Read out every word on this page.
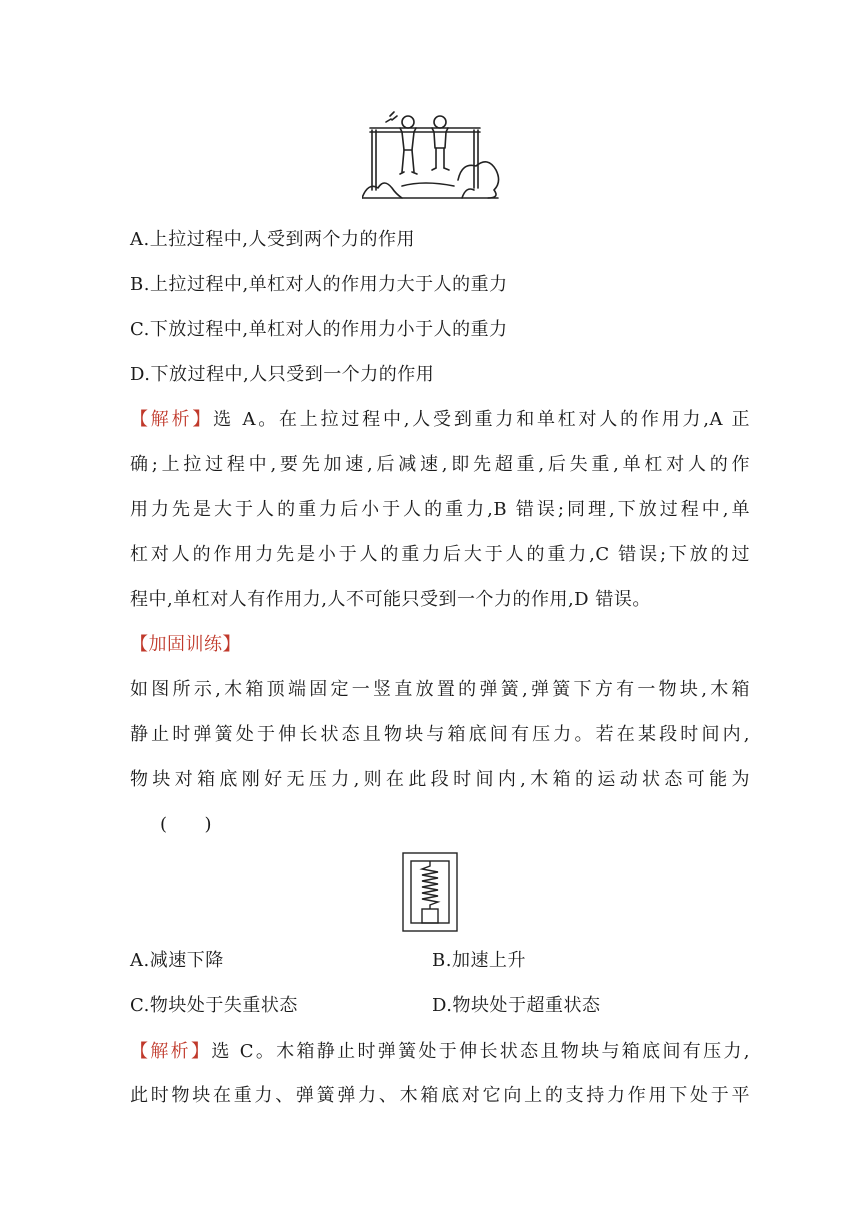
A.上拉过程中,人受到两个力的作用
B.上拉过程中,单杠对人的作用力大于人的重力
C.下放过程中,单杠对人的作用力小于人的重力
D.下放过程中,人只受到一个力的作用
【解析】选 A。在上拉过程中,人受到重力和单杠对人的作用力,A 正
确;上拉过程中,要先加速,后减速,即先超重,后失重,单杠对人的作
用力先是大于人的重力后小于人的重力,B 错误;同理,下放过程中,单
杠对人的作用力先是小于人的重力后大于人的重力,C 错误;下放的过
程中,单杠对人有作用力,人不可能只受到一个力的作用,D 错误。
【加固训练】
如图所示,木箱顶端固定一竖直放置的弹簧,弹簧下方有一物块,木箱
静止时弹簧处于伸长状态且物块与箱底间有压力。若在某段时间内,
物块对箱底刚好无压力,则在此段时间内,木箱的运动状态可能为
(　　)
A.减速下降	B.加速上升
C.物块处于失重状态	D.物块处于超重状态
【解析】选 C。木箱静止时弹簧处于伸长状态且物块与箱底间有压力,
此时物块在重力、弹簧弹力、木箱底对它向上的支持力作用下处于平
